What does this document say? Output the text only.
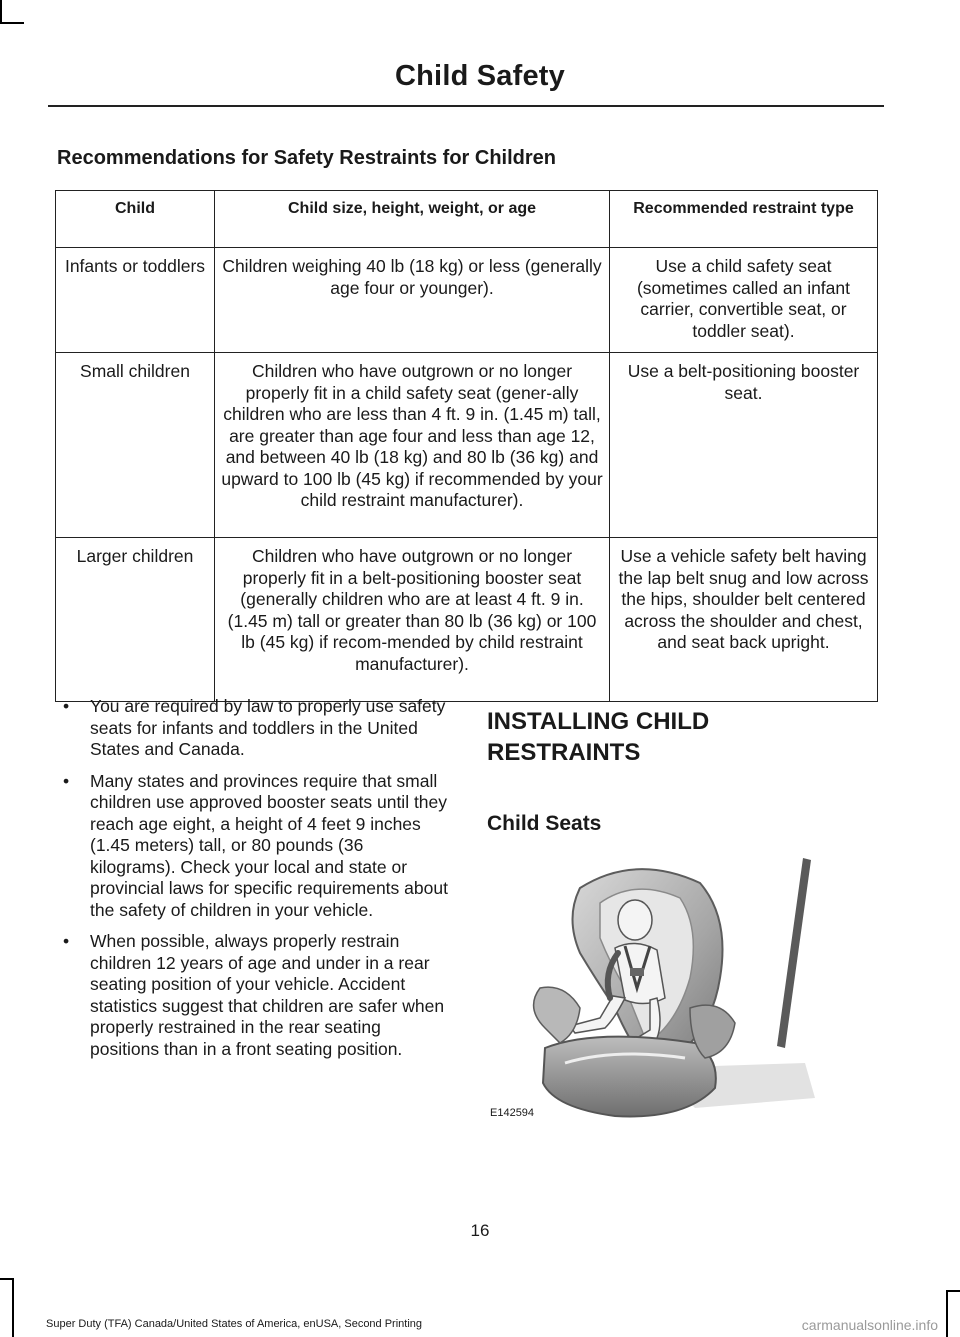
Child Safety
Recommendations for Safety Restraints for Children
Child	Child size, height, weight, or age	Recommended restraint type
Infants or toddlers	Children weighing 40 lb (18 kg) or less (generally age four or younger).	Use a child safety seat (sometimes called an infant carrier, convertible seat, or toddler seat).
Small children	Children who have outgrown or no longer properly fit in a child safety seat (gener-ally children who are less than 4 ft. 9 in. (1.45 m) tall, are greater than age four and less than age 12, and between 40 lb (18 kg) and 80 lb (36 kg) and upward to 100 lb (45 kg) if recommended by your child restraint manufacturer).	Use a belt-positioning booster seat.
Larger children	Children who have outgrown or no longer properly fit in a belt-positioning booster seat (generally children who are at least 4 ft. 9 in. (1.45 m) tall or greater than 80 lb (36 kg) or 100 lb (45 kg) if recom-mended by child restraint manufacturer).	Use a vehicle safety belt having the lap belt snug and low across the hips, shoulder belt centered across the shoulder and chest, and seat back upright.
• You are required by law to properly use safety seats for infants and toddlers in the United States and Canada.
• Many states and provinces require that small children use approved booster seats until they reach age eight, a height of 4 feet 9 inches (1.45 meters) tall, or 80 pounds (36 kilograms). Check your local and state or provincial laws for specific requirements about the safety of children in your vehicle.
• When possible, always properly restrain children 12 years of age and under in a rear seating position of your vehicle. Accident statistics suggest that children are safer when properly restrained in the rear seating positions than in a front seating position.
INSTALLING CHILD RESTRAINTS
Child Seats
E142594
16
Super Duty (TFA) Canada/United States of America, enUSA, Second Printing	carmanualsonline.info
